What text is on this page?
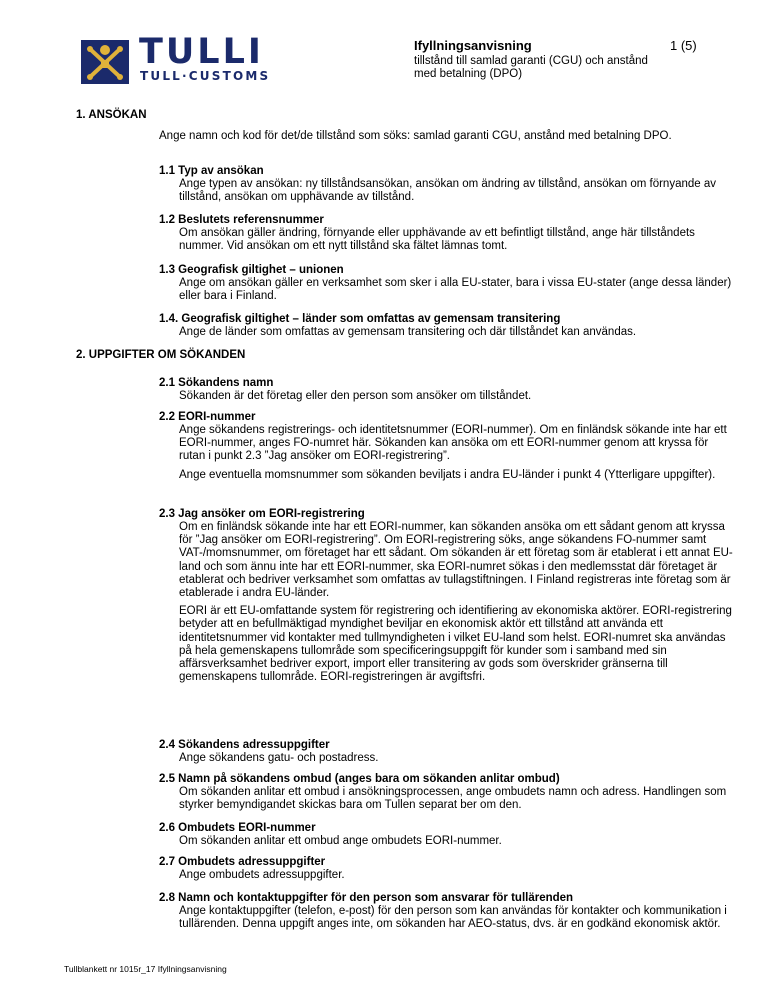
TULLI
TULL·CUSTOMS
Ifyllningsanvisning	1 (5)
tillstånd till samlad garanti (CGU) och anstånd med betalning (DPO)
1. ANSÖKAN
Ange namn och kod för det/de tillstånd som söks: samlad garanti CGU, anstånd med betalning DPO.
1.1 Typ av ansökan

Ange typen av ansökan: ny tillståndsansökan, ansökan om ändring av tillstånd, ansökan om förnyande av tillstånd, ansökan om upphävande av tillstånd.

1.2 Beslutets referensnummer

Om ansökan gäller ändring, förnyande eller upphävande av ett befintligt tillstånd, ange här tillståndets nummer. Vid ansökan om ett nytt tillstånd ska fältet lämnas tomt.

1.3 Geografisk giltighet – unionen

Ange om ansökan gäller en verksamhet som sker i alla EU-stater, bara i vissa EU-stater (ange dessa länder) eller bara i Finland.

1.4. Geografisk giltighet – länder som omfattas av gemensam transitering

Ange de länder som omfattas av gemensam transitering och där tillståndet kan användas.

2. UPPGIFTER OM SÖKANDEN
2.1 Sökandens namn

Sökanden är det företag eller den person som ansöker om tillståndet.

2.2 EORI-nummer

Ange sökandens registrerings- och identitetsnummer (EORI-nummer). Om en finländsk sökande inte har ett EORI-nummer, anges FO-numret här. Sökanden kan ansöka om ett EORI-nummer genom att kryssa för rutan i punkt 2.3 ”Jag ansöker om EORI-registrering”.

Ange eventuella momsnummer som sökanden beviljats i andra EU-länder i punkt 4 (Ytterligare uppgifter).

2.3 Jag ansöker om EORI-registrering

Om en finländsk sökande inte har ett EORI-nummer, kan sökanden ansöka om ett sådant genom att kryssa för ”Jag ansöker om EORI-registrering”. Om EORI-registrering söks, ange sökandens FO-nummer samt VAT-/momsnummer, om företaget har ett sådant. Om sökanden är ett företag som är etablerat i ett annat EU-land och som ännu inte har ett EORI-nummer, ska EORI-numret sökas i den medlemsstat där företaget är etablerat och bedriver verksamhet som omfattas av tullagstiftningen. I Finland registreras inte företag som är etablerade i andra EU-länder.

EORI är ett EU-omfattande system för registrering och identifiering av ekonomiska aktörer. EORI-registrering betyder att en befullmäktigad myndighet beviljar en ekonomisk aktör ett tillstånd att använda ett identitetsnummer vid kontakter med tullmyndigheten i vilket EU-land som helst. EORI-numret ska användas på hela gemenskapens tullområde som specificeringsuppgift för kunder som i samband med sin affärsverksamhet bedriver export, import eller transitering av gods som överskrider gränserna till gemenskapens tullområde. EORI-registreringen är avgiftsfri.

2.4 Sökandens adressuppgifter

Ange sökandens gatu- och postadress.

2.5 Namn på sökandens ombud (anges bara om sökanden anlitar ombud)

Om sökanden anlitar ett ombud i ansökningsprocessen, ange ombudets namn och adress. Handlingen som styrker bemyndigandet skickas bara om Tullen separat ber om den.

2.6 Ombudets EORI-nummer

Om sökanden anlitar ett ombud ange ombudets EORI-nummer.

2.7 Ombudets adressuppgifter

Ange ombudets adressuppgifter.

2.8 Namn och kontaktuppgifter för den person som ansvarar för tullärenden

Ange kontaktuppgifter (telefon, e-post) för den person som kan användas för kontakter och kommunikation i tullärenden. Denna uppgift anges inte, om sökanden har AEO-status, dvs. är en godkänd ekonomisk aktör.

Tullblankett nr 1015r_17 Ifyllningsanvisning
